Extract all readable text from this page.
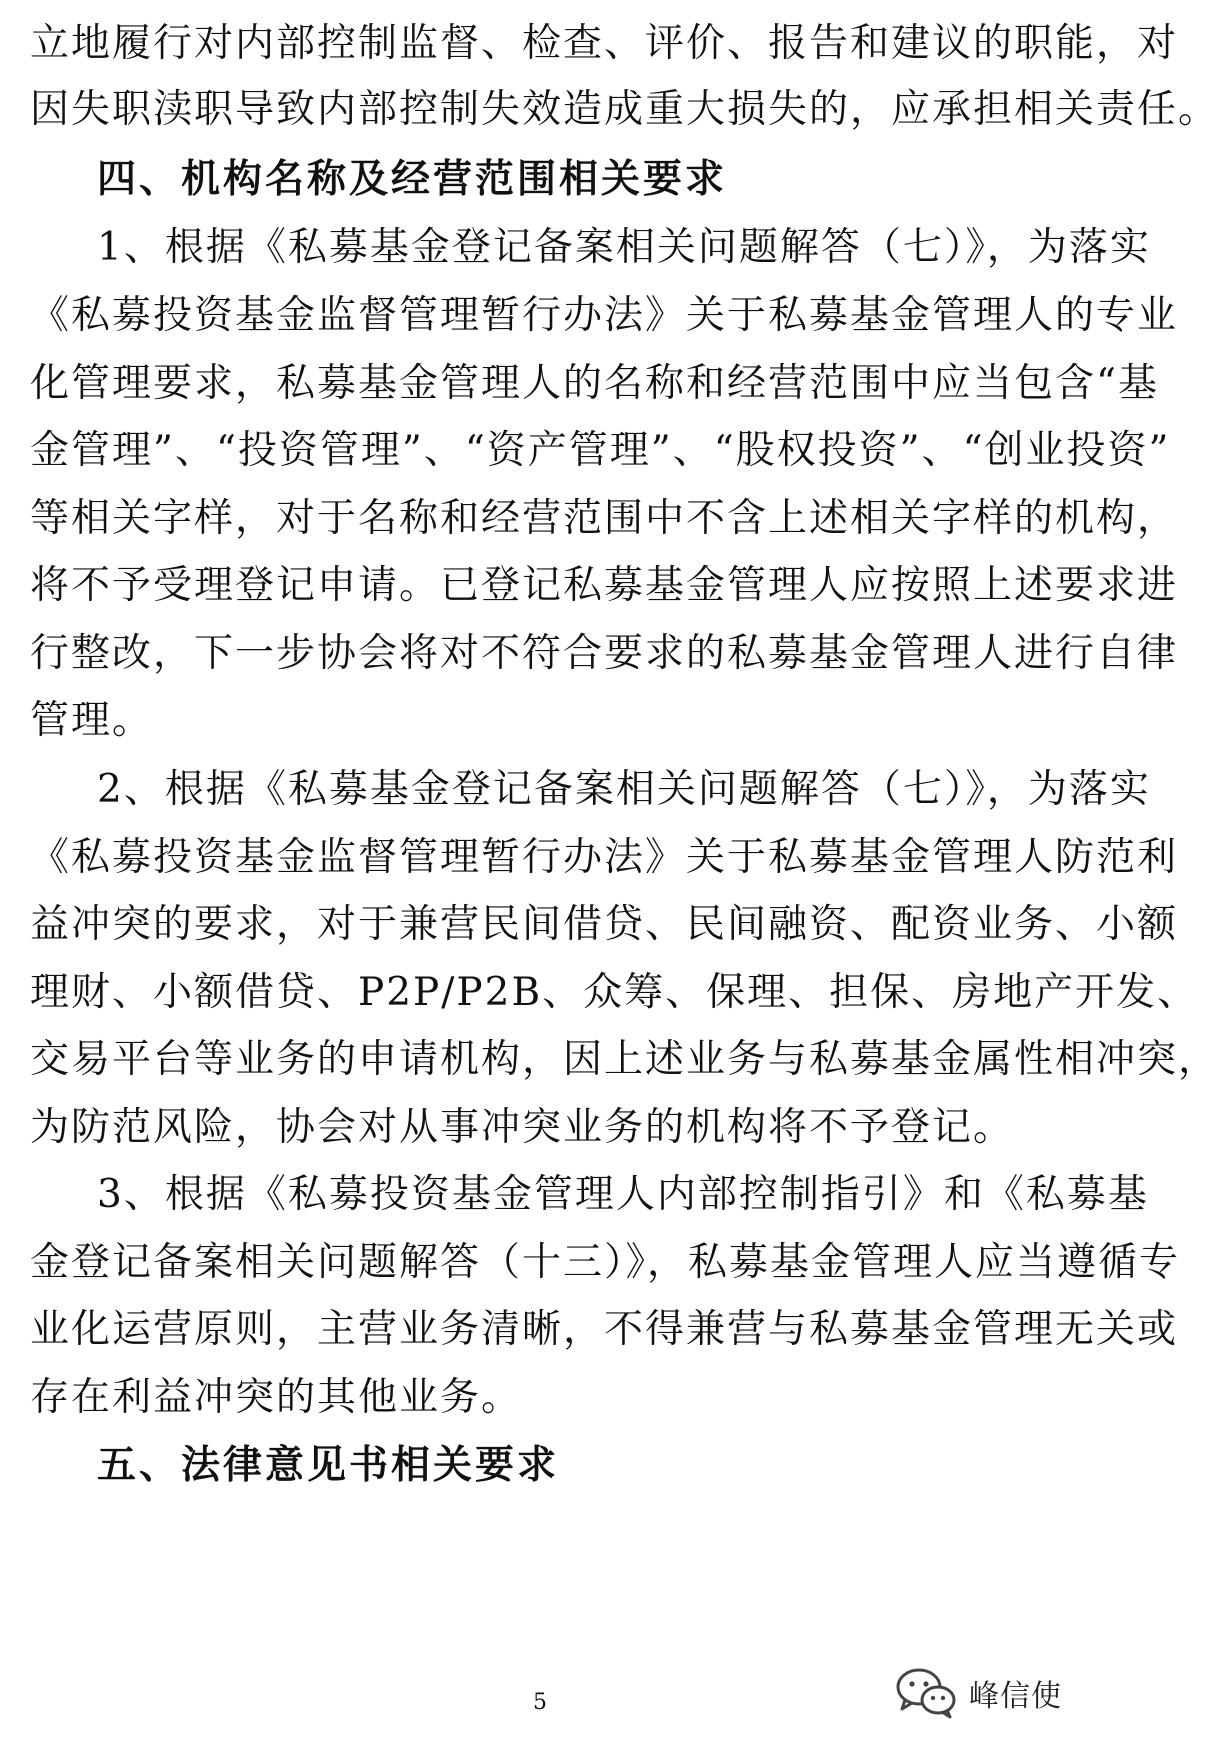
立地履行对内部控制监督、检查、评价、报告和建议的职能，对
因失职渎职导致内部控制失效造成重大损失的，应承担相关责任。
四、机构名称及经营范围相关要求
1、根据《私募基金登记备案相关问题解答（七）》，为落实
《私募投资基金监督管理暂行办法》关于私募基金管理人的专业
化管理要求，私募基金管理人的名称和经营范围中应当包含“基
金管理”、“投资管理”、“资产管理”、“股权投资”、“创业投资”
等相关字样，对于名称和经营范围中不含上述相关字样的机构，
将不予受理登记申请。已登记私募基金管理人应按照上述要求进
行整改，下一步协会将对不符合要求的私募基金管理人进行自律
管理。
2、根据《私募基金登记备案相关问题解答（七）》，为落实
《私募投资基金监督管理暂行办法》关于私募基金管理人防范利
益冲突的要求，对于兼营民间借贷、民间融资、配资业务、小额
理财、小额借贷、P2P/P2B、众筹、保理、担保、房地产开发、
交易平台等业务的申请机构，因上述业务与私募基金属性相冲突，
为防范风险，协会对从事冲突业务的机构将不予登记。
3、根据《私募投资基金管理人内部控制指引》和《私募基
金登记备案相关问题解答（十三）》，私募基金管理人应当遵循专
业化运营原则，主营业务清晰，不得兼营与私募基金管理无关或
存在利益冲突的其他业务。
五、法律意见书相关要求
5	峰信使
